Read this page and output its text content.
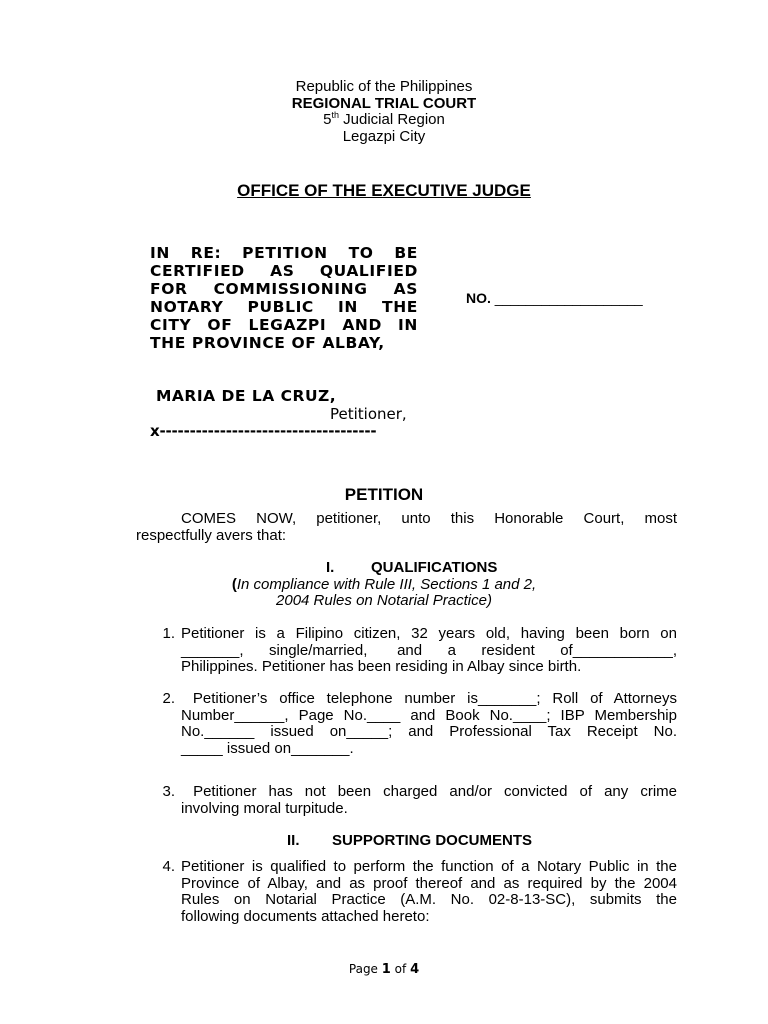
Republic of the Philippines
REGIONAL TRIAL COURT
5th Judicial Region
Legazpi City
OFFICE OF THE EXECUTIVE JUDGE
IN RE: PETITION TO BE
CERTIFIED AS QUALIFIED
FOR COMMISSIONING AS
NOTARY PUBLIC IN THE
CITY OF LEGAZPI AND IN
THE PROVINCE OF ALBAY,
NO. ___________________
MARIA DE LA CRUZ,
Petitioner,
x------------------------------------
PETITION
COMES NOW, petitioner, unto this Honorable Court, most
respectfully avers that:
I. QUALIFICATIONS
(In compliance with Rule III, Sections 1 and 2,
2004 Rules on Notarial Practice)
1. Petitioner is a Filipino citizen, 32 years old, having been born on
_______,      single/married,       and      a      resident      of____________,
Philippines. Petitioner has been residing in Albay since birth.
2. Petitioner’s office telephone number is_______; Roll of Attorneys
Number______, Page No.____ and Book No.____; IBP Membership
No.______   issued   on_____;   and   Professional   Tax   Receipt   No.
_____ issued on_______.
3. Petitioner has not been charged and/or convicted of any crime
involving moral turpitude.
II. SUPPORTING DOCUMENTS
4. Petitioner is qualified to perform the function of a Notary Public in the
Province of Albay, and as proof thereof and as required by the 2004
Rules on Notarial Practice (A.M. No. 02-8-13-SC), submits the
following documents attached hereto:
Page 1 of 4
